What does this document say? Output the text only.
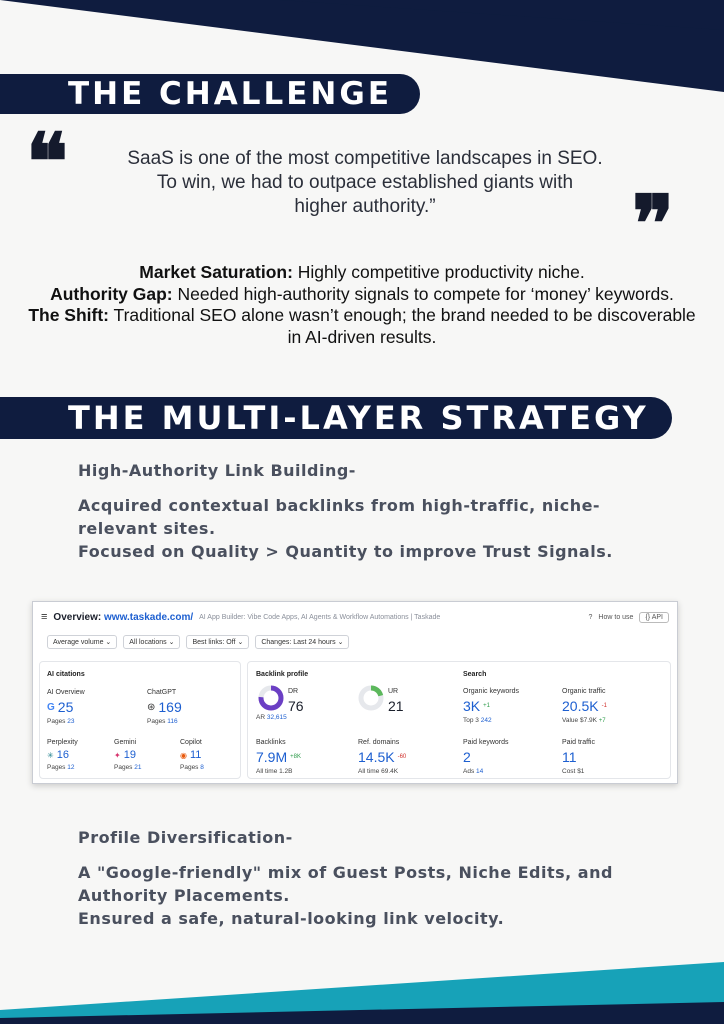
THE CHALLENGE
❝	SaaS is one of the most competitive landscapes in SEO.
To win, we had to outpace established giants with
higher authority.”	❞
Market Saturation: Highly competitive productivity niche.
Authority Gap: Needed high-authority signals to compete for ‘money’ keywords.
The Shift: Traditional SEO alone wasn’t enough; the brand needed to be discoverable in AI-driven results.
THE MULTI-LAYER STRATEGY
High-Authority Link Building-
Acquired contextual backlinks from high-traffic, niche-relevant sites.
Focused on Quality > Quantity to improve Trust Signals.
≡ Overview: www.taskade.com/ AI App Builder: Vibe Code Apps, AI Agents & Workflow Automations | Taskade	? How to use	{} API
Average volume ⌄	All locations ⌄	Best links: Off ⌄	Changes: Last 24 hours ⌄
AI citations
AI Overview
G 25
Pages 23
ChatGPT
⊛ 169
Pages 116
Perplexity
✳ 16
Pages 12
Gemini
✦ 19
Pages 21
Copilot
◉ 11
Pages 8
Backlink profile	Search
DR
76
AR 32,615
UR
21
Backlinks
7.9M +8K
All time 1.2B
Ref. domains
14.5K -60
All time 69.4K
Organic keywords
3K +1
Top 3 242
Organic traffic
20.5K -1
Value $7.9K +7
Paid keywords
2
Ads 14
Paid traffic
11
Cost $1
Profile Diversification-
A "Google-friendly" mix of Guest Posts, Niche Edits, and Authority Placements.
Ensured a safe, natural-looking link velocity.
